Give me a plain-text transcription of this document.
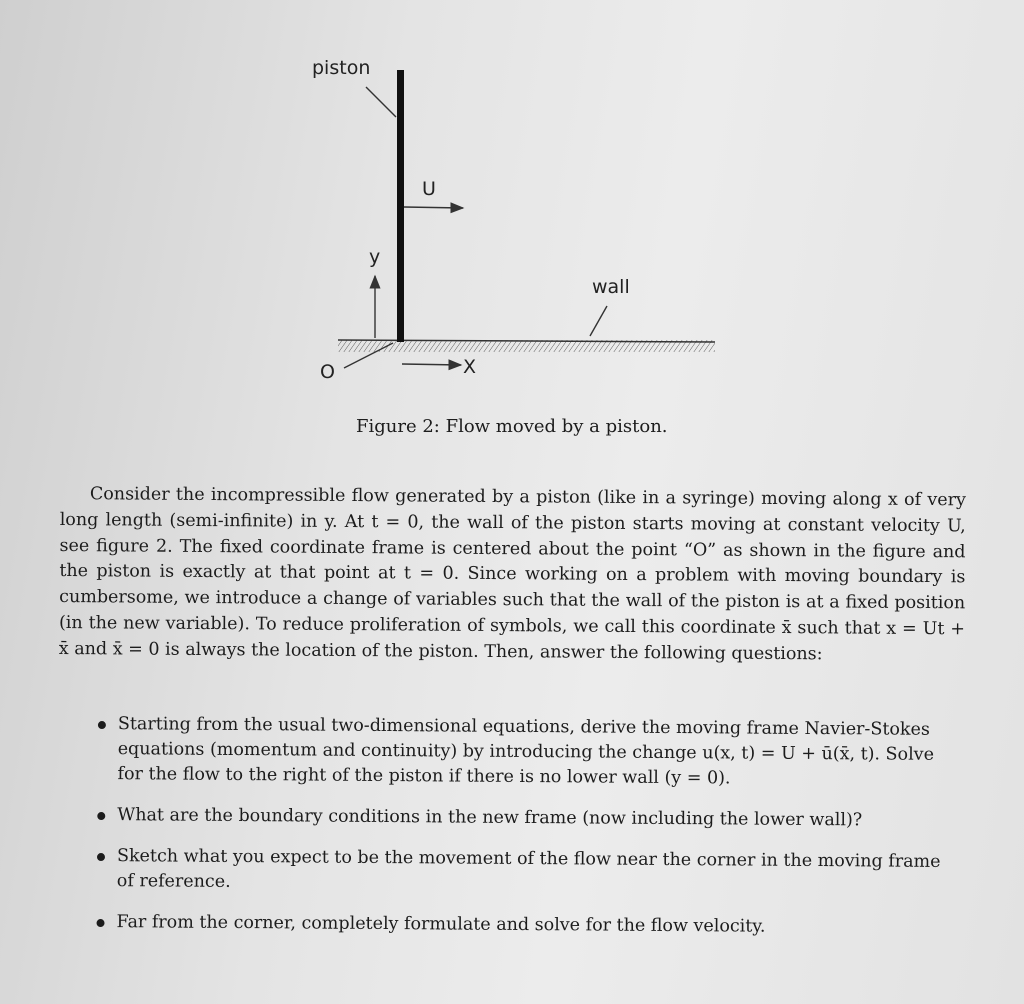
piston
U
y
wall
O	X
Figure 2: Flow moved by a piston.

Consider the incompressible flow generated by a piston (like in a syringe) moving along x of very long length (semi-infinite) in y. At t = 0, the wall of the piston starts moving at constant velocity U, see figure 2. The fixed coordinate frame is centered about the point “O” as shown in the figure and the piston is exactly at that point at t = 0. Since working on a problem with moving boundary is cumbersome, we introduce a change of variables such that the wall of the piston is at a fixed position (in the new variable). To reduce proliferation of symbols, we call this coordinate x̄ such that x = Ut + x̄ and x̄ = 0 is always the location of the piston. Then, answer the following questions:

Starting from the usual two-dimensional equations, derive the moving frame Navier-Stokes equations (momentum and continuity) by introducing the change u(x, t) = U + ū(x̄, t). Solve for the flow to the right of the piston if there is no lower wall (y = 0).
What are the boundary conditions in the new frame (now including the lower wall)?
Sketch what you expect to be the movement of the flow near the corner in the moving frame of reference.
Far from the corner, completely formulate and solve for the flow velocity.
